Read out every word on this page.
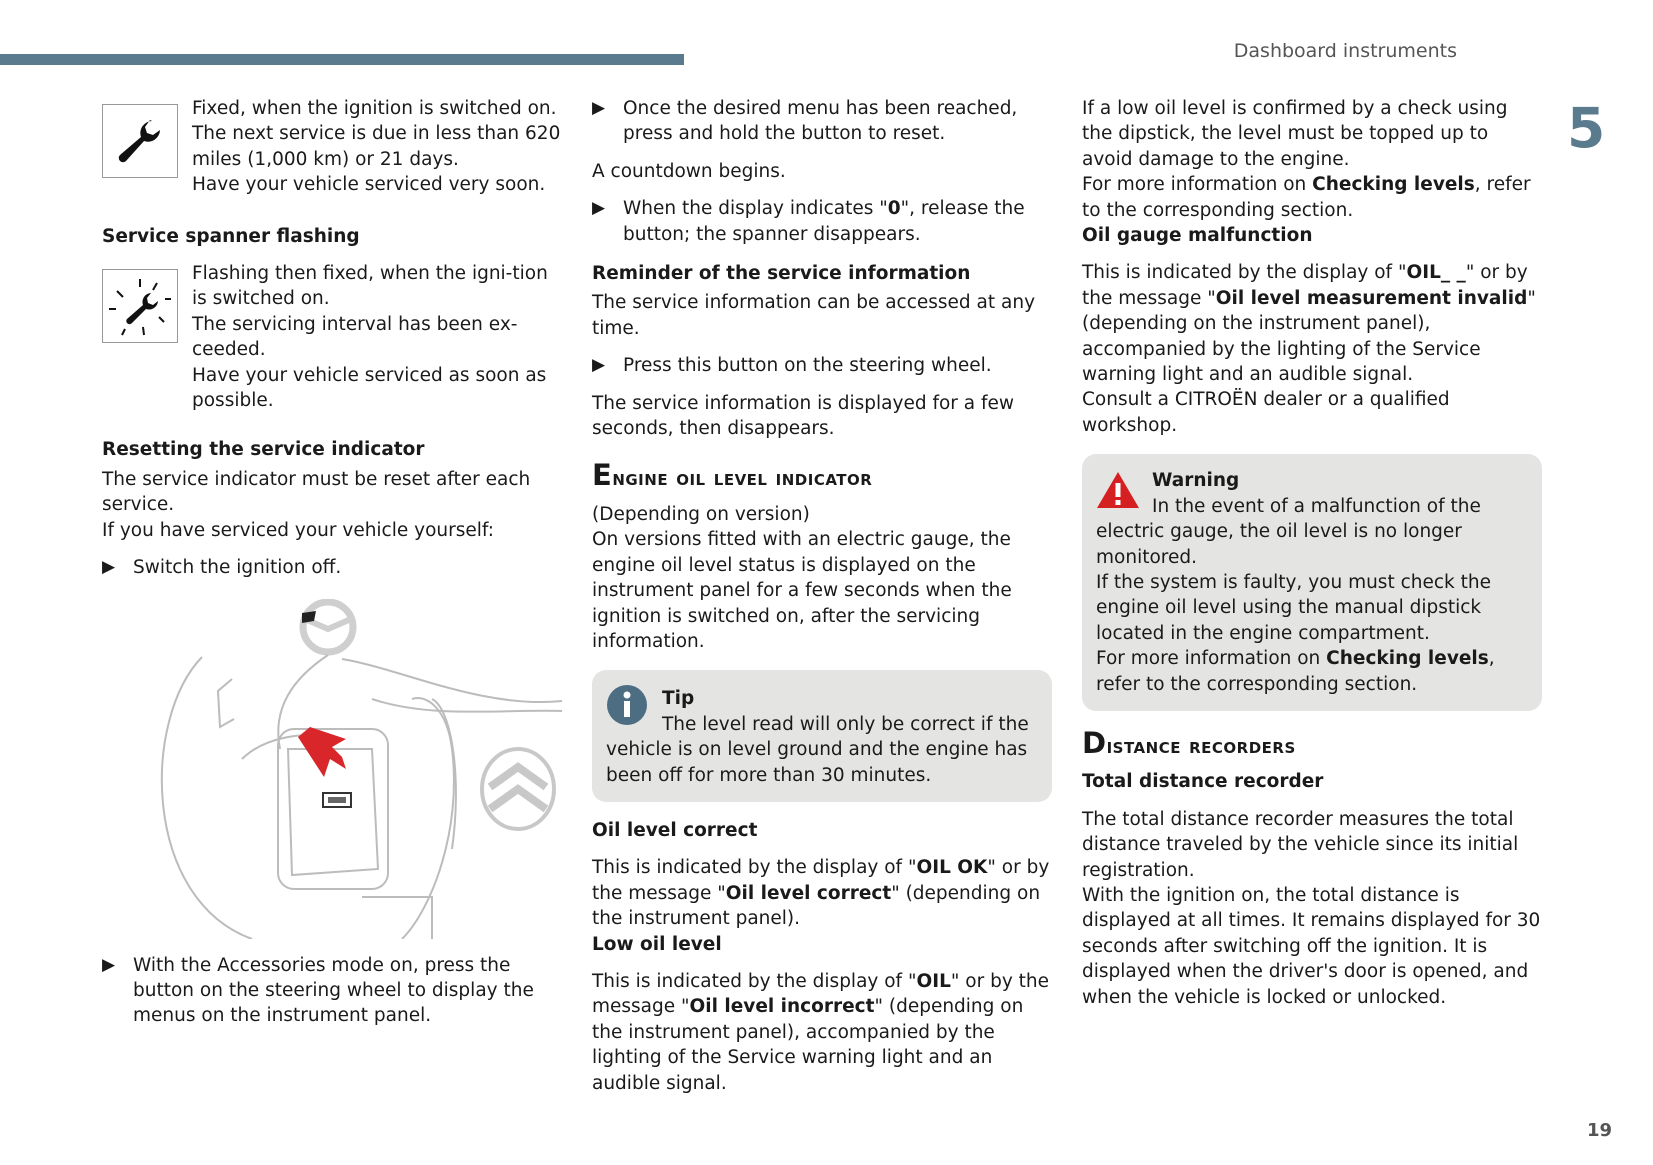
Dashboard instruments
5
19

Fixed, when the ignition is switched on.

The next service is due in less than 620 miles (1,000 km) or 21 days.

Have your vehicle serviced very soon.

Service spanner flashing

Flashing then fixed, when the igni-tion is switched on.

The servicing interval has been ex-ceeded.

Have your vehicle serviced as soon as possible.

Resetting the service indicator

The service indicator must be reset after each service.

If you have serviced your vehicle yourself:

▶ Switch the ignition off.
▶ With the Accessories mode on, press the button on the steering wheel to display the menus on the instrument panel.
▶ Once the desired menu has been reached, press and hold the button to reset.

A countdown begins.

▶ When the display indicates "0", release the button; the spanner disappears.

Reminder of the service information

The service information can be accessed at any time.

▶ Press this button on the steering wheel.

The service information is displayed for a few seconds, then disappears.

Engine oil level indicator

(Depending on version)

On versions fitted with an electric gauge, the engine oil level status is displayed on the instrument panel for a few seconds when the ignition is switched on, after the servicing information.

Tip

The level read will only be correct if the vehicle is on level ground and the engine has been off for more than 30 minutes.

Oil level correct

This is indicated by the display of "OIL OK" or by the message "Oil level correct" (depending on the instrument panel).

Low oil level

This is indicated by the display of "OIL" or by the message "Oil level incorrect" (depending on the instrument panel), accompanied by the lighting of the Service warning light and an audible signal.

If a low oil level is confirmed by a check using the dipstick, the level must be topped up to avoid damage to the engine.

For more information on Checking levels, refer to the corresponding section.

Oil gauge malfunction

This is indicated by the display of "OIL_ _" or by the message "Oil level measurement invalid" (depending on the instrument panel), accompanied by the lighting of the Service warning light and an audible signal.

Consult a CITROËN dealer or a qualified workshop.

Warning

In the event of a malfunction of the electric gauge, the oil level is no longer monitored.

If the system is faulty, you must check the engine oil level using the manual dipstick located in the engine compartment.

For more information on Checking levels, refer to the corresponding section.

Distance recorders

Total distance recorder

The total distance recorder measures the total distance traveled by the vehicle since its initial registration.

With the ignition on, the total distance is displayed at all times. It remains displayed for 30 seconds after switching off the ignition. It is displayed when the driver's door is opened, and when the vehicle is locked or unlocked.
